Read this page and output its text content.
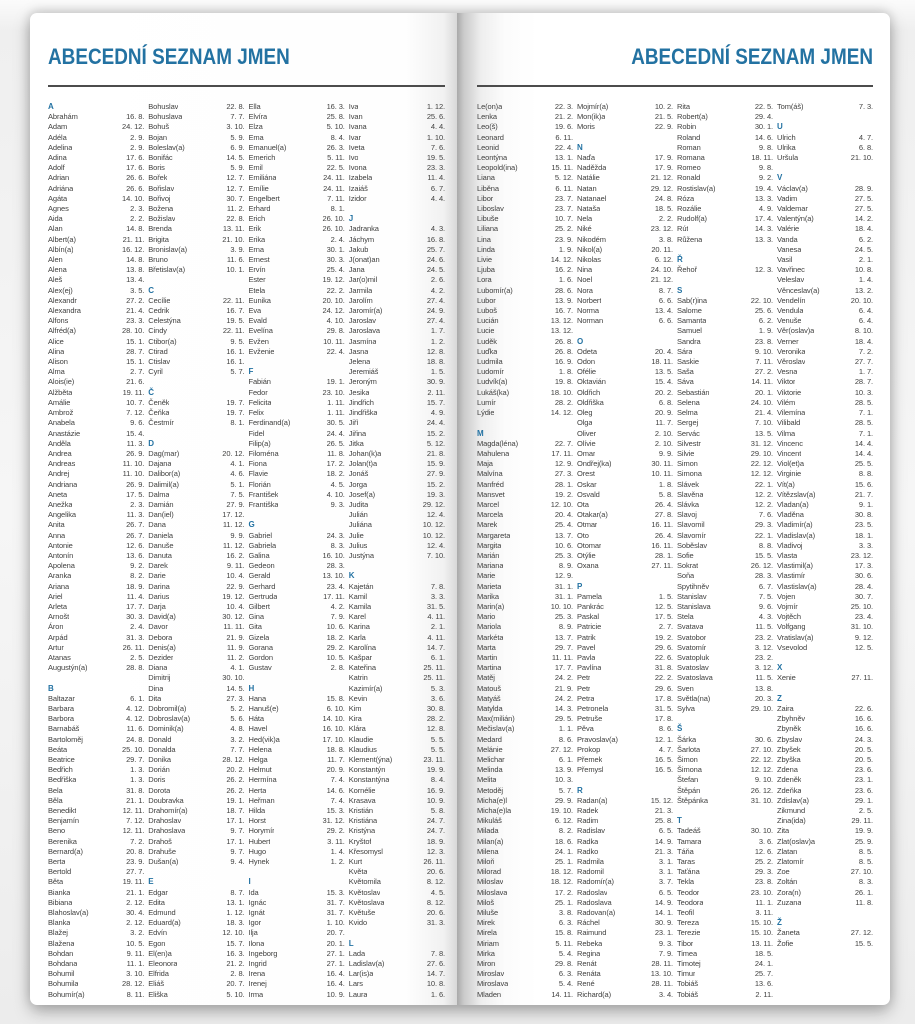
ABECEDNÍ SEZNAM JMEN
A
Abrahám	16. 8.
Adam	24. 12.
Adéla	2. 9.
Adelina	2. 9.
Adina	17. 6.
Adolf	17. 6.
Adrian	26. 6.
Adriána	26. 6.
Agáta	14. 10.
Agnes	2. 3.
Aida	2. 2.
Alan	14. 8.
Albert(a)	21. 11.
Albín(a)	16. 12.
Alen	14. 8.
Alena	13. 8.
Aleš	13. 4.
Alex(ej)	3. 5.
Alexandr	27. 2.
Alexandra	21. 4.
Alfons	23. 3.
Alfréd(a)	28. 10.
Alice	15. 1.
Alina	28. 7.
Alison	15. 1.
Alma	2. 7.
Alois(ie)	21. 6.
Alžběta	19. 11.
Amálie	10. 7.
Ambrož	7. 12.
Anabela	9. 6.
Anastázie	15. 4.
Anděla	11. 3.
Andrea	26. 9.
Andreas	11. 10.
Andrej	11. 10.
Andriana	26. 9.
Aneta	17. 5.
Anežka	2. 3.
Angelika	11. 3.
Anita	26. 7.
Anna	26. 7.
Antonie	12. 6.
Antonín	13. 6.
Apolena	9. 2.
Aranka	8. 2.
Ariana	18. 9.
Ariel	11. 4.
Arleta	17. 7.
Arnošt	30. 3.
Áron	2. 4.
Arpád	31. 3.
Artur	26. 11.
Atanas	2. 5.
Augustýn(a)	28. 8.

B
Baltazar	6. 1.
Barbara	4. 12.
Barbora	4. 12.
Barnabáš	11. 6.
Bartoloměj	24. 8.
Beáta	25. 10.
Beatrice	29. 7.
Bedřich	1. 3.
Bedřiška	1. 3.
Bela	31. 8.
Běla	21. 1.
Benedikt	12. 11.
Benjamín	7. 12.
Beno	12. 11.
Berenika	7. 2.
Bernard(a)	20. 8.
Berta	23. 9.
Bertold	27. 7.
Běta	19. 11.
Bianka	21. 1.
Bibiana	2. 12.
Blahoslav(a)	30. 4.
Blanka	2. 12.
Blažej	3. 2.
Blažena	10. 5.
Bohdan	9. 11.
Bohdana	11. 1.
Bohumil	3. 10.
Bohumila	28. 12.
Bohumír(a)	8. 11.
Bohuslav	22. 8.
Bohuslava	7. 7.
Bohuš	3. 10.
Bojan	5. 9.
Boleslav(a)	6. 9.
Bonifác	14. 5.
Boris	5. 9.
Bořek	12. 7.
Bořislav	12. 7.
Bořivoj	30. 7.
Božena	11. 2.
Božislav	22. 8.
Brenda	13. 11.
Brigita	21. 10.
Bronislav(a)	3. 9.
Bruno	11. 6.
Břetislav(a)	10. 1.

C
Cecílie	22. 11.
Cedrik	16. 7.
Celestýna	19. 5.
Cindy	22. 11.
Ctibor(a)	9. 5.
Ctirad	16. 1.
Ctislav	16. 1.
Cyril	5. 7.

Č
Čeněk	19. 7.
Čeňka	19. 7.
Čestmír	8. 1.

D
Dag(mar)	20. 12.
Dajana	4. 1.
Dalibor(a)	4. 6.
Dalimil(a)	5. 1.
Dalma	7. 5.
Damián	27. 9.
Dan(iel)	17. 12.
Dana	11. 12.
Daniela	9. 9.
Danuše	11. 12.
Danuta	16. 2.
Darek	9. 11.
Darie	10. 4.
Darina	22. 9.
Darius	19. 12.
Darja	10. 4.
David(a)	30. 12.
Davor	11. 11.
Debora	21. 9.
Denis(a)	11. 9.
Dezider	11. 2.
Diana	4. 1.
Dimitrij	30. 10.
Dina	14. 5.
Dita	27. 3.
Dobromil(a)	5. 2.
Dobroslav(a)	5. 6.
Dominik(a)	4. 8.
Donald	3. 2.
Donalda	7. 7.
Donika	28. 12.
Dorián	20. 2.
Doris	26. 2.
Dorota	26. 2.
Doubravka	19. 1.
Drahomír(a)	18. 7.
Drahoslav	17. 1.
Drahoslava	9. 7.
Drahoš	17. 1.
Drahuše	9. 7.
Dušan(a)	9. 4.

E
Edgar	8. 7.
Edita	13. 1.
Edmund	1. 12.
Eduard(a)	18. 3.
Edvín	12. 10.
Egon	15. 7.
El(en)a	16. 3.
Eleonora	21. 2.
Elfrida	2. 8.
Eliáš	20. 7.
Eliška	5. 10.
Ella	16. 3.
Elvíra	25. 8.
Elza	5. 10.
Ema	8. 4.
Emanuel(a)	26. 3.
Emerich	5. 11.
Emil	22. 5.
Emiliána	24. 11.
Emílie	24. 11.
Engelbert	7. 11.
Erhard	8. 1.
Erich	26. 10.
Erik	26. 10.
Erika	2. 4.
Erna	30. 1.
Ernest	30. 3.
Ervín	25. 4.
Ester	19. 12.
Etela	22. 2.
Eunika	20. 10.
Eva	24. 12.
Evald	4. 10.
Evelína	29. 8.
Evžen	10. 11.
Evženie	22. 4.

F
Fabián	19. 1.
Fedor	23. 10.
Felicita	1. 11.
Felix	1. 11.
Ferdinand(a)	30. 5.
Fidel	24. 4.
Filip(a)	26. 5.
Filoména	11. 8.
Fiona	17. 2.
Flavie	18. 2.
Florián	4. 5.
František	4. 10.
Františka	9. 3.

G
Gabriel	24. 3.
Gabriela	8. 3.
Galina	16. 10.
Gedeon	28. 3.
Gerald	13. 10.
Gerhard	23. 4.
Gertruda	17. 11.
Gilbert	4. 2.
Gina	7. 9.
Gita	10. 6.
Gizela	18. 2.
Gorana	29. 2.
Gordon	10. 5.
Gustav	2. 8.

H
Hana	15. 8.
Hanuš(e)	6. 10.
Háta	14. 10.
Havel	16. 10.
Hed(vik)a	17. 10.
Helena	18. 8.
Helga	11. 7.
Helmut	20. 9.
Hermína	7. 4.
Herta	14. 6.
Heřman	7. 4.
Hilda	15. 3.
Horst	31. 12.
Horymír	29. 2.
Hubert	3. 11.
Hugo	1. 4.
Hynek	1. 2.

I
Ida	15. 3.
Ignác	31. 7.
Ignát	31. 7.
Igor	1. 10.
Ilja	20. 7.
Ilona	20. 1.
Ingeborg	27. 1.
Ingrid	27. 1.
Irena	16. 4.
Irenej	16. 4.
Irma	10. 9.
Iva	1. 12.
Ivan	25. 6.
Ivana	4. 4.
Ivar	1. 10.
Iveta	7. 6.
Ivo	19. 5.
Ivona	23. 3.
Izabela	11. 4.
Izaiáš	6. 7.
Izidor	4. 4.

J
Jadranka	4. 3.
Jáchym	16. 8.
Jakub	25. 7.
J(onat)an	24. 6.
Jana	24. 5.
Jar(o)mil	2. 6.
Jarmila	4. 2.
Jarolím	27. 4.
Jaromír(a)	24. 9.
Jaroslav	27. 4.
Jaroslava	1. 7.
Jasmína	1. 2.
Jasna	12. 8.
Jelena	18. 8.
Jeremiáš	1. 5.
Jeroným	30. 9.
Jesika	2. 11.
Jindřich	15. 7.
Jindřiška	4. 9.
Jiří	24. 4.
Jiřina	15. 2.
Jitka	5. 12.
Johan(k)a	21. 8.
Jolan(t)a	15. 9.
Jonáš	27. 9.
Jorga	15. 2.
Josef(a)	19. 3.
Judita	29. 12.
Julián	12. 4.
Juliána	10. 12.
Julie	10. 12.
Julius	12. 4.
Justýna	7. 10.

K
Kajetán	7. 8.
Kamil	3. 3.
Kamila	31. 5.
Karel	4. 11.
Karina	2. 1.
Karla	4. 11.
Karolína	14. 7.
Kašpar	6. 1.
Kateřina	25. 11.
Katrin	25. 11.
Kazimír(a)	5. 3.
Kevin	3. 6.
Kim	30. 8.
Kira	28. 2.
Klára	12. 8.
Klaudie	5. 5.
Klaudius	5. 5.
Klement(ýna)	23. 11.
Konstantýn	19. 9.
Konstantýna	8. 4.
Kornélie	16. 9.
Krasava	10. 9.
Kristián	5. 8.
Kristiána	24. 7.
Kristýna	24. 7.
Kryštof	18. 9.
Křesomysl	12. 3.
Kurt	26. 11.
Květa	20. 6.
Květomila	8. 12.
Květoslav	4. 5.
Květoslava	8. 12.
Květuše	20. 6.
Kvido	31. 3.

L
Lada	7. 8.
Ladislav(a)	27. 6.
Lar(is)a	14. 7.
Lars	10. 8.
Laura	1. 6.
ABECEDNÍ SEZNAM JMEN
Le(on)a	22. 3.
Lenka	21. 2.
Leo(š)	19. 6.
Leonard	6. 11.
Leonid	22. 4.
Leontýna	13. 1.
Leopold(ina)	15. 11.
Liana	5. 12.
Liběna	6. 11.
Libor	23. 7.
Liboslav	23. 7.
Libuše	10. 7.
Liliana	25. 2.
Lina	23. 9.
Linda	1. 9.
Livie	14. 12.
Ljuba	16. 2.
Lora	1. 6.
Lubomír(a)	28. 6.
Lubor	13. 9.
Luboš	16. 7.
Lucián	13. 12.
Lucie	13. 12.
Luděk	26. 8.
Luďka	26. 8.
Ludmila	16. 9.
Ludomír	1. 8.
Ludvík(a)	19. 8.
Lukáš(ka)	18. 10.
Lumír	28. 2.
Lýdie	14. 12.

M
Magda(léna)	22. 7.
Mahulena	17. 11.
Maja	12. 9.
Malvína	27. 3.
Manfréd	28. 1.
Mansvet	19. 2.
Marcel	12. 10.
Marcela	20. 4.
Marek	25. 4.
Margareta	13. 7.
Margita	10. 6.
Marián	25. 3.
Mariana	8. 9.
Marie	12. 9.
Marieta	31. 1.
Marika	31. 1.
Marin(a)	10. 10.
Mario	25. 3.
Mariola	8. 9.
Markéta	13. 7.
Marta	29. 7.
Martin	11. 11.
Martina	17. 7.
Matěj	24. 2.
Matouš	21. 9.
Matyáš	24. 2.
Matylda	14. 3.
Max(milián)	29. 5.
Mečislav(a)	1. 1.
Medard	8. 6.
Melánie	27. 12.
Melichar	6. 1.
Melinda	13. 9.
Melita	10. 3.
Metoděj	5. 7.
Micha(e)l	29. 9.
Micha(e)la	19. 10.
Mikuláš	6. 12.
Milada	8. 2.
Milan(a)	18. 6.
Milena	24. 1.
Miloň	25. 1.
Milorad	18. 12.
Miloslav	18. 12.
Miloslava	17. 2.
Miloš	25. 1.
Miluše	3. 8.
Mirek	6. 3.
Mirela	15. 8.
Miriam	5. 11.
Mirka	5. 4.
Miron	29. 8.
Miroslav	6. 3.
Miroslava	5. 4.
Mladen	14. 11.
Mojmír(a)	10. 2.
Mon(ik)a	21. 5.
Moris	22. 9.

N
Naďa	17. 9.
Naděžda	17. 9.
Natálie	21. 12.
Natan	29. 12.
Natanael	24. 8.
Nataša	18. 5.
Nela	2. 2.
Niké	23. 12.
Nikodém	3. 8.
Nikol(a)	20. 11.
Nikolas	6. 12.
Nina	24. 10.
Noel	21. 12.
Nora	8. 7.
Norbert	6. 6.
Norma	13. 4.
Norman	6. 6.

O
Odeta	20. 4.
Odon	18. 11.
Ofélie	13. 5.
Oktavián	15. 4.
Oldřich	20. 2.
Oldřiška	6. 8.
Oleg	20. 9.
Olga	11. 7.
Oliver	2. 10.
Olívie	2. 10.
Omar	9. 9.
Ondřej(ka)	30. 11.
Orest	10. 11.
Oskar	1. 8.
Osvald	5. 8.
Ota	26. 4.
Otakar(a)	27. 8.
Otmar	16. 11.
Oto	26. 4.
Otomar	16. 11.
Otýlie	28. 1.
Oxana	27. 11.

P
Pamela	1. 5.
Pankrác	12. 5.
Paskal	17. 5.
Patricie	2. 7.
Patrik	19. 2.
Pavel	29. 6.
Pavla	22. 6.
Pavlína	31. 8.
Petr	22. 2.
Petr	29. 6.
Petra	17. 8.
Petronela	31. 5.
Petruše	17. 8.
Pěva	8. 6.
Pravoslav(a)	12. 1.
Prokop	4. 7.
Přemek	16. 5.
Přemysl	16. 5.

R
Radan(a)	15. 12.
Radek	21. 3.
Radim	25. 8.
Radislav	6. 5.
Radka	14. 9.
Radko	21. 3.
Radmila	3. 1.
Radomil	3. 1.
Radomír(a)	3. 7.
Radoslav	6. 5.
Radoslava	14. 9.
Radovan(a)	14. 1.
Ráchel	30. 9.
Raimund	23. 1.
Rebeka	9. 3.
Regina	7. 9.
Renát	28. 11.
Renáta	13. 10.
René	28. 11.
Richard(a)	3. 4.
Rita	22. 5.
Robert(a)	29. 4.
Robin	30. 1.
Roland	14. 6.
Roman	9. 8.
Romana	18. 11.
Romeo	9. 8.
Ronald	9. 2.
Rostislav(a)	19. 4.
Róza	13. 3.
Rozálie	4. 9.
Rudolf(a)	17. 4.
Rút	14. 3.
Růžena	13. 3.

Ř
Řehoř	12. 3.

S
Sab(r)ina	22. 10.
Salome	25. 6.
Samanta	6. 2.
Samuel	1. 9.
Sandra	23. 8.
Sára	9. 10.
Saskie	7. 11.
Saša	27. 2.
Sáva	14. 11.
Sebastián	20. 1.
Selena	24. 10.
Selma	21. 4.
Sergej	7. 10.
Servác	13. 5.
Silvestr	31. 12.
Silvie	29. 10.
Simon	22. 12.
Simona	12. 12.
Slávek	22. 1.
Slavěna	12. 2.
Slávka	12. 2.
Slavoj	7. 6.
Slavomil	29. 3.
Slavomír	22. 1.
Soběslav	8. 8.
Sofie	15. 5.
Sokrat	26. 12.
Soňa	28. 3.
Spytihněv	6. 7.
Stanislav	7. 5.
Stanislava	9. 6.
Stela	4. 3.
Svatava	11. 5.
Svatobor	23. 2.
Svatomír	3. 12.
Svatopluk	23. 2.
Svatoslav	3. 12.
Svatoslava	11. 5.
Sven	13. 8.
Světla(na)	20. 3.
Sylva	29. 10.

Š
Šárka	30. 6.
Šarlota	27. 10.
Šimon	22. 12.
Šimona	12. 12.
Štefan	9. 10.
Štěpán	26. 12.
Štěpánka	31. 10.

T
Tadeáš	30. 10.
Tamara	3. 6.
Táňa	12. 6.
Taras	25. 2.
Taťána	29. 3.
Tekla	23. 8.
Teodor	23. 10.
Teodora	11. 1.
Teofil	3. 11.
Tereza	15. 10.
Terezie	15. 10.
Tibor	13. 11.
Timea	18. 5.
Timotej	24. 1.
Timur	25. 7.
Tobiáš	13. 6.
Tobiáš	2. 11.
Tom(áš)	7. 3.

U
Ulrich	4. 7.
Ulrika	6. 8.
Uršula	21. 10.

V
Václav(a)	28. 9.
Vadim	27. 5.
Valdemar	27. 5.
Valentýn(a)	14. 2.
Valérie	18. 4.
Vanda	6. 2.
Vanesa	24. 5.
Vasil	2. 1.
Vavřinec	10. 8.
Veleslav	1. 4.
Věnceslav(a)	13. 2.
Vendelín	20. 10.
Vendula	6. 4.
Venuše	6. 4.
Věr(oslav)a	8. 10.
Verner	18. 4.
Veronika	7. 2.
Věroslav	27. 7.
Vesna	1. 7.
Viktor	28. 7.
Viktorie	10. 3.
Vilém	28. 5.
Vilemína	7. 1.
Vilibald	28. 5.
Vilma	7. 1.
Vincenc	14. 4.
Vincent	14. 4.
Viol(et)a	25. 5.
Virginie	8. 8.
Vít(a)	15. 6.
Vítězslav(a)	21. 7.
Vladan(a)	9. 1.
Vladěna	30. 8.
Vladimír(a)	23. 5.
Vladislav(a)	18. 1.
Vladivoj	3. 3.
Vlasta	23. 12.
Vlastimil(a)	17. 3.
Vlastimír	30. 6.
Vlastislav(a)	28. 4.
Vojen	30. 7.
Vojmír	25. 10.
Vojtěch	23. 4.
Volfgang	31. 10.
Vratislav(a)	9. 12.
Vsevolod	12. 5.

X
Xenie	27. 11.

Z
Zaira	22. 6.
Zbyhněv	16. 6.
Zbyněk	16. 6.
Zbyslav	24. 3.
Zbyšek	20. 5.
Zbyška	20. 5.
Zdena	23. 6.
Zdeněk	23. 1.
Zdeňka	23. 6.
Zdislav(a)	29. 1.
Zikmund	2. 5.
Zina(ida)	29. 11.
Zita	19. 9.
Zlat(oslav)a	25. 9.
Zlatan	8. 5.
Zlatomír	8. 5.
Zoe	27. 10.
Zoltán	8. 3.
Zora(n)	26. 1.
Zuzana	11. 8.

Ž
Žaneta	27. 12.
Žofie	15. 5.
